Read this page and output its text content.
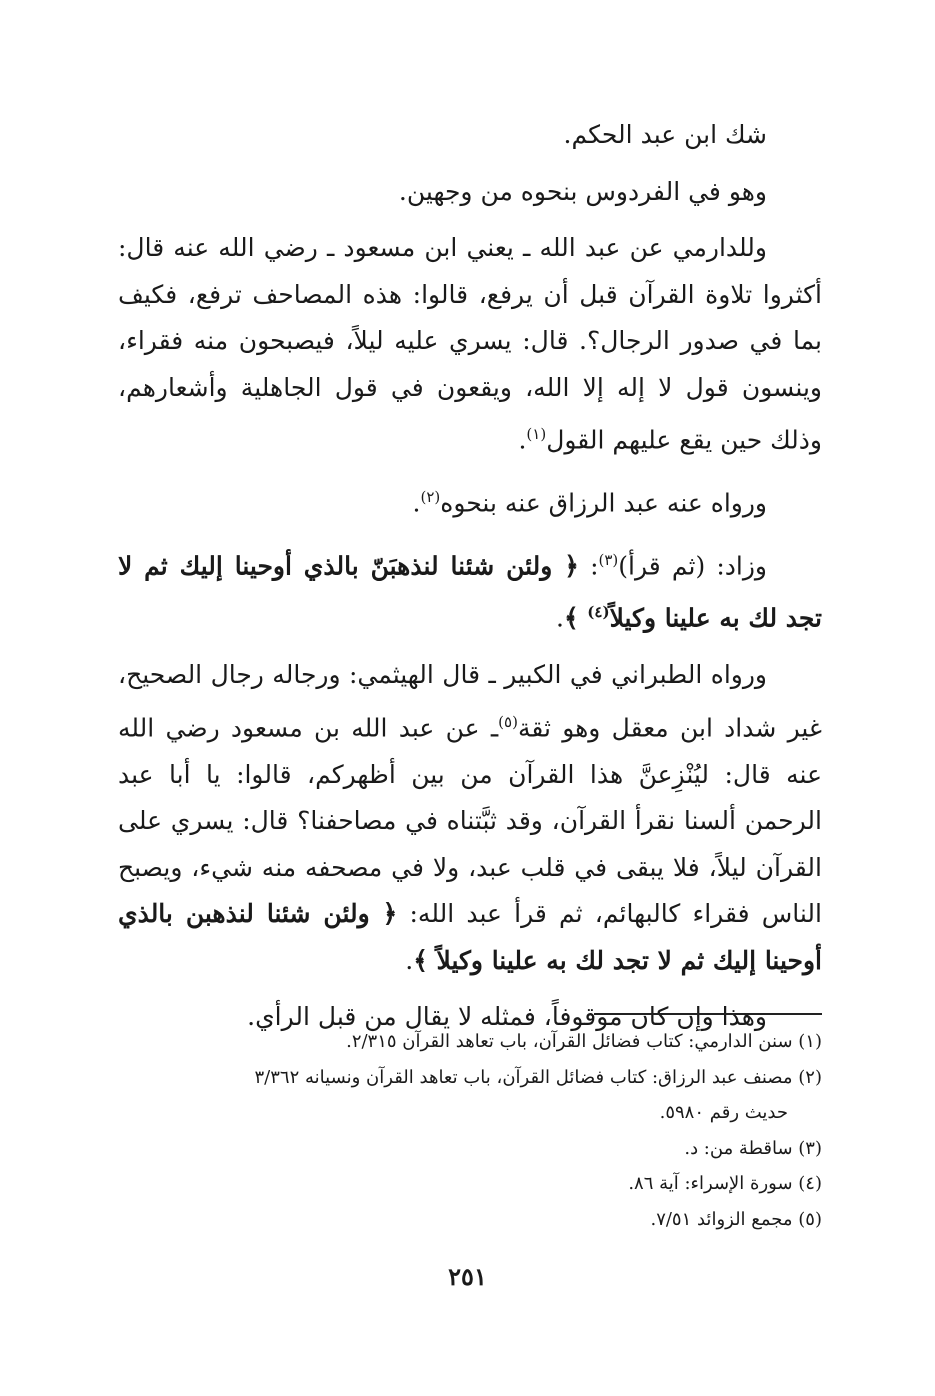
شك ابن عبد الحكم.

وهو في الفردوس بنحوه من وجهين.

وللدارمي عن عبد الله ـ يعني ابن مسعود ـ رضي الله عنه قال: أكثروا تلاوة القرآن قبل أن يرفع، قالوا: هذه المصاحف ترفع، فكيف بما في صدور الرجال؟. قال: يسري عليه ليلاً، فيصبحون منه فقراء، وينسون قول لا إله إلا الله، ويقعون في قول الجاهلية وأشعارهم، وذلك حين يقع عليهم القول$^{(١)}$.

ورواه عنه عبد الرزاق عنه بنحوه$^{(٢)}$.

وزاد: (ثم قرأ)$^{(٣)}$: ﴿ ولئن شئنا لنذهبَنّ بالذي أوحينا إليك ثم لا تجد لك به علينا وكيلاً$^{(٤)}$ ﴾.

ورواه الطبراني في الكبير ـ قال الهيثمي: ورجاله رجال الصحيح، غير شداد ابن معقل وهو ثقة$^{(٥)}$ـ عن عبد الله بن مسعود رضي الله عنه قال: ليُنْزِعنَّ هذا القرآن من بين أظهركم، قالوا: يا أبا عبد الرحمن ألسنا نقرأ القرآن، وقد ثبَّتناه في مصاحفنا؟ قال: يسري على القرآن ليلاً، فلا يبقى في قلب عبد، ولا في مصحفه منه شيء، ويصبح الناس فقراء كالبهائم، ثم قرأ عبد الله: ﴿ ولئن شئنا لنذهبن بالذي أوحينا إليك ثم لا تجد لك به علينا وكيلاً ﴾.

وهذا وإن كان موقوفاً، فمثله لا يقال من قبل الرأي.

(١) سنن الدارمي: كتاب فضائل القرآن، باب تعاهد القرآن ٢/٣١٥.

(٢) مصنف عبد الرزاق: كتاب فضائل القرآن، باب تعاهد القرآن ونسيانه ٣/٣٦٢
حديث رقم ٥٩٨٠.

(٣) ساقطة من: د.

(٤) سورة الإسراء: آية ٨٦.

(٥) مجمع الزوائد ٧/٥١.

٢٥١
